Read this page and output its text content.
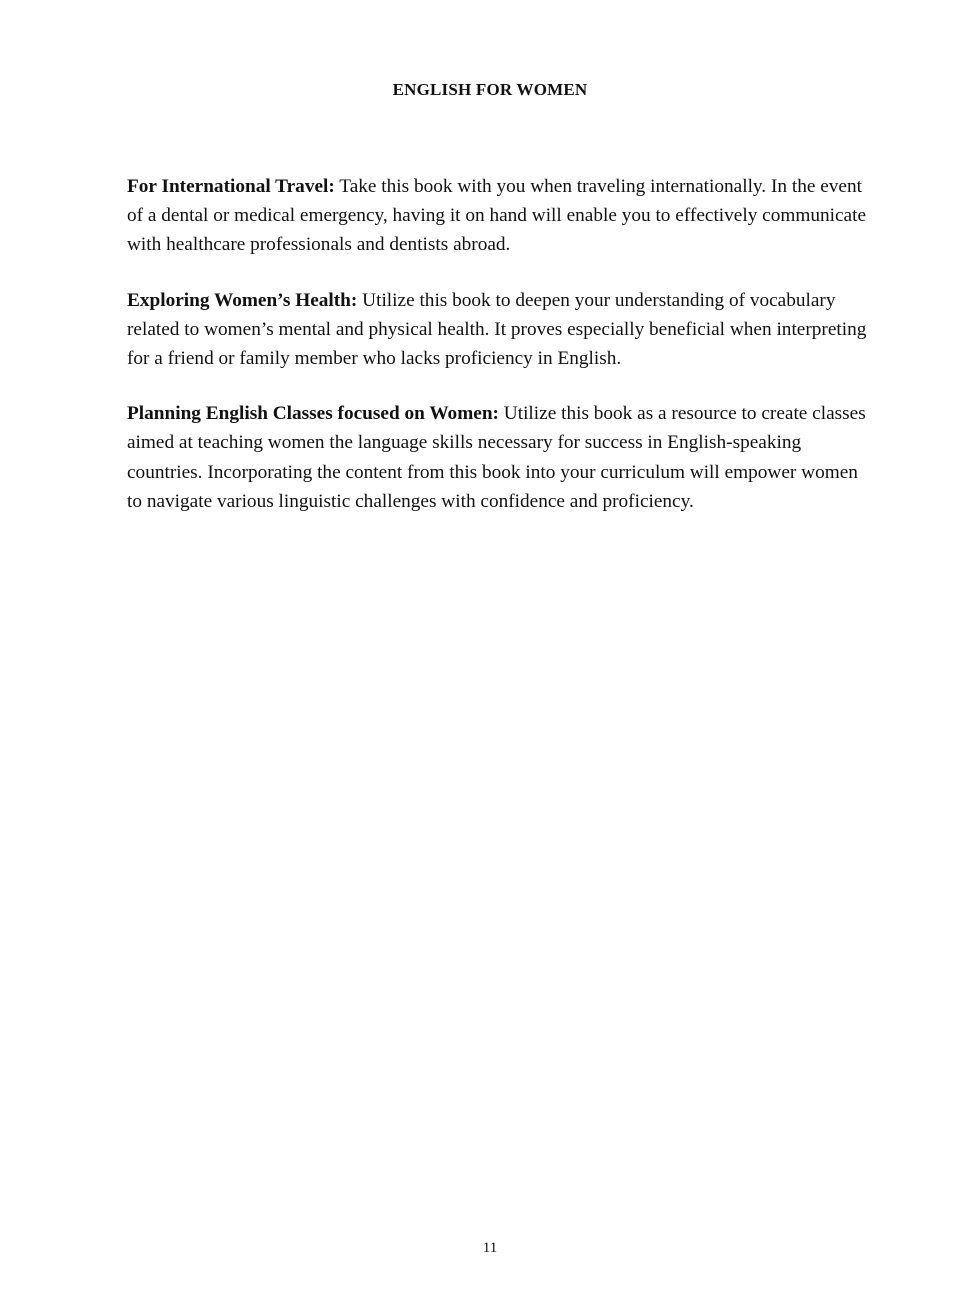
ENGLISH FOR WOMEN

For International Travel: Take this book with you when traveling internationally. In the event of a dental or medical emergency, having it on hand will enable you to effectively communicate with healthcare professionals and dentists abroad.

Exploring Women’s Health: Utilize this book to deepen your understanding of vocabulary related to women’s mental and physical health. It proves especially beneficial when interpreting for a friend or family member who lacks proficiency in English.

Planning English Classes focused on Women: Utilize this book as a resource to create classes aimed at teaching women the language skills necessary for success in English-speaking countries. Incorporating the content from this book into your curriculum will empower women to navigate various linguistic challenges with confidence and proficiency.

11
